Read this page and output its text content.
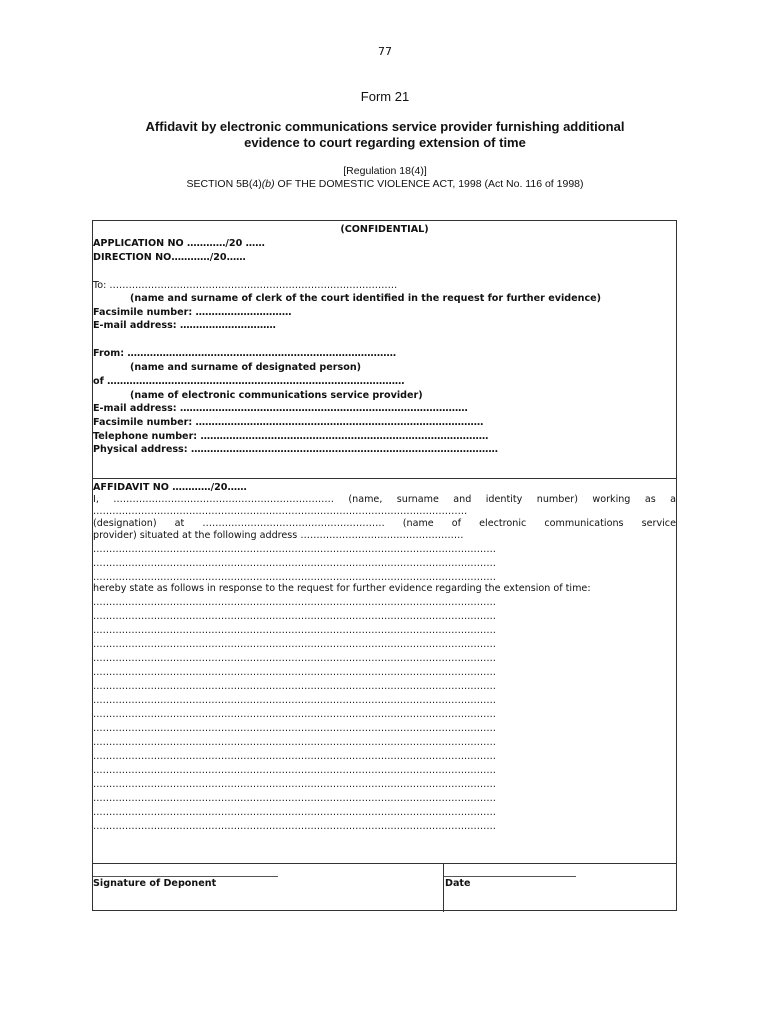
77
Form 21
Affidavit by electronic communications service provider furnishing additional
evidence to court regarding extension of time
[Regulation 18(4)]
SECTION 5B(4)(b) OF THE DOMESTIC VIOLENCE ACT, 1998 (Act No. 116 of 1998)
(CONFIDENTIAL)
APPLICATION NO …………/20 ……
DIRECTION NO…………/20……
To: ………………………………………………………………………………
(name and surname of clerk of the court identified in the request for further evidence)
Facsimile number: …………………………
E-mail address: …………………………
From: …………………………………………………………………………
(name and surname of designated person)
of …………………………………………………………………………………
(name of electronic communications service provider)
E-mail address: ………………………………………………………………………………
Facsimile number: ………………………………………………………………………………
Telephone number: ………………………………………………………………………………
Physical address: ……………………………………………………………………………………
AFFIDAVIT NO …………/20……
I, …………………………………………………………… (name, surname and identity number) working as a
………………………………………………………………………………………………………
(designation) at ………………………………………………… (name of electronic communications service
provider) situated at the following address ……………………………………………
………………………………………………………………………………………………………………
………………………………………………………………………………………………………………
………………………………………………………………………………………………………………
hereby state as follows in response to the request for further evidence regarding the extension of time:
………………………………………………………………………………………………………………
………………………………………………………………………………………………………………
………………………………………………………………………………………………………………
………………………………………………………………………………………………………………
………………………………………………………………………………………………………………
………………………………………………………………………………………………………………
………………………………………………………………………………………………………………
………………………………………………………………………………………………………………
………………………………………………………………………………………………………………
………………………………………………………………………………………………………………
………………………………………………………………………………………………………………
………………………………………………………………………………………………………………
………………………………………………………………………………………………………………
………………………………………………………………………………………………………………
………………………………………………………………………………………………………………
………………………………………………………………………………………………………………
………………………………………………………………………………………………………………
Signature of Deponent	Date
